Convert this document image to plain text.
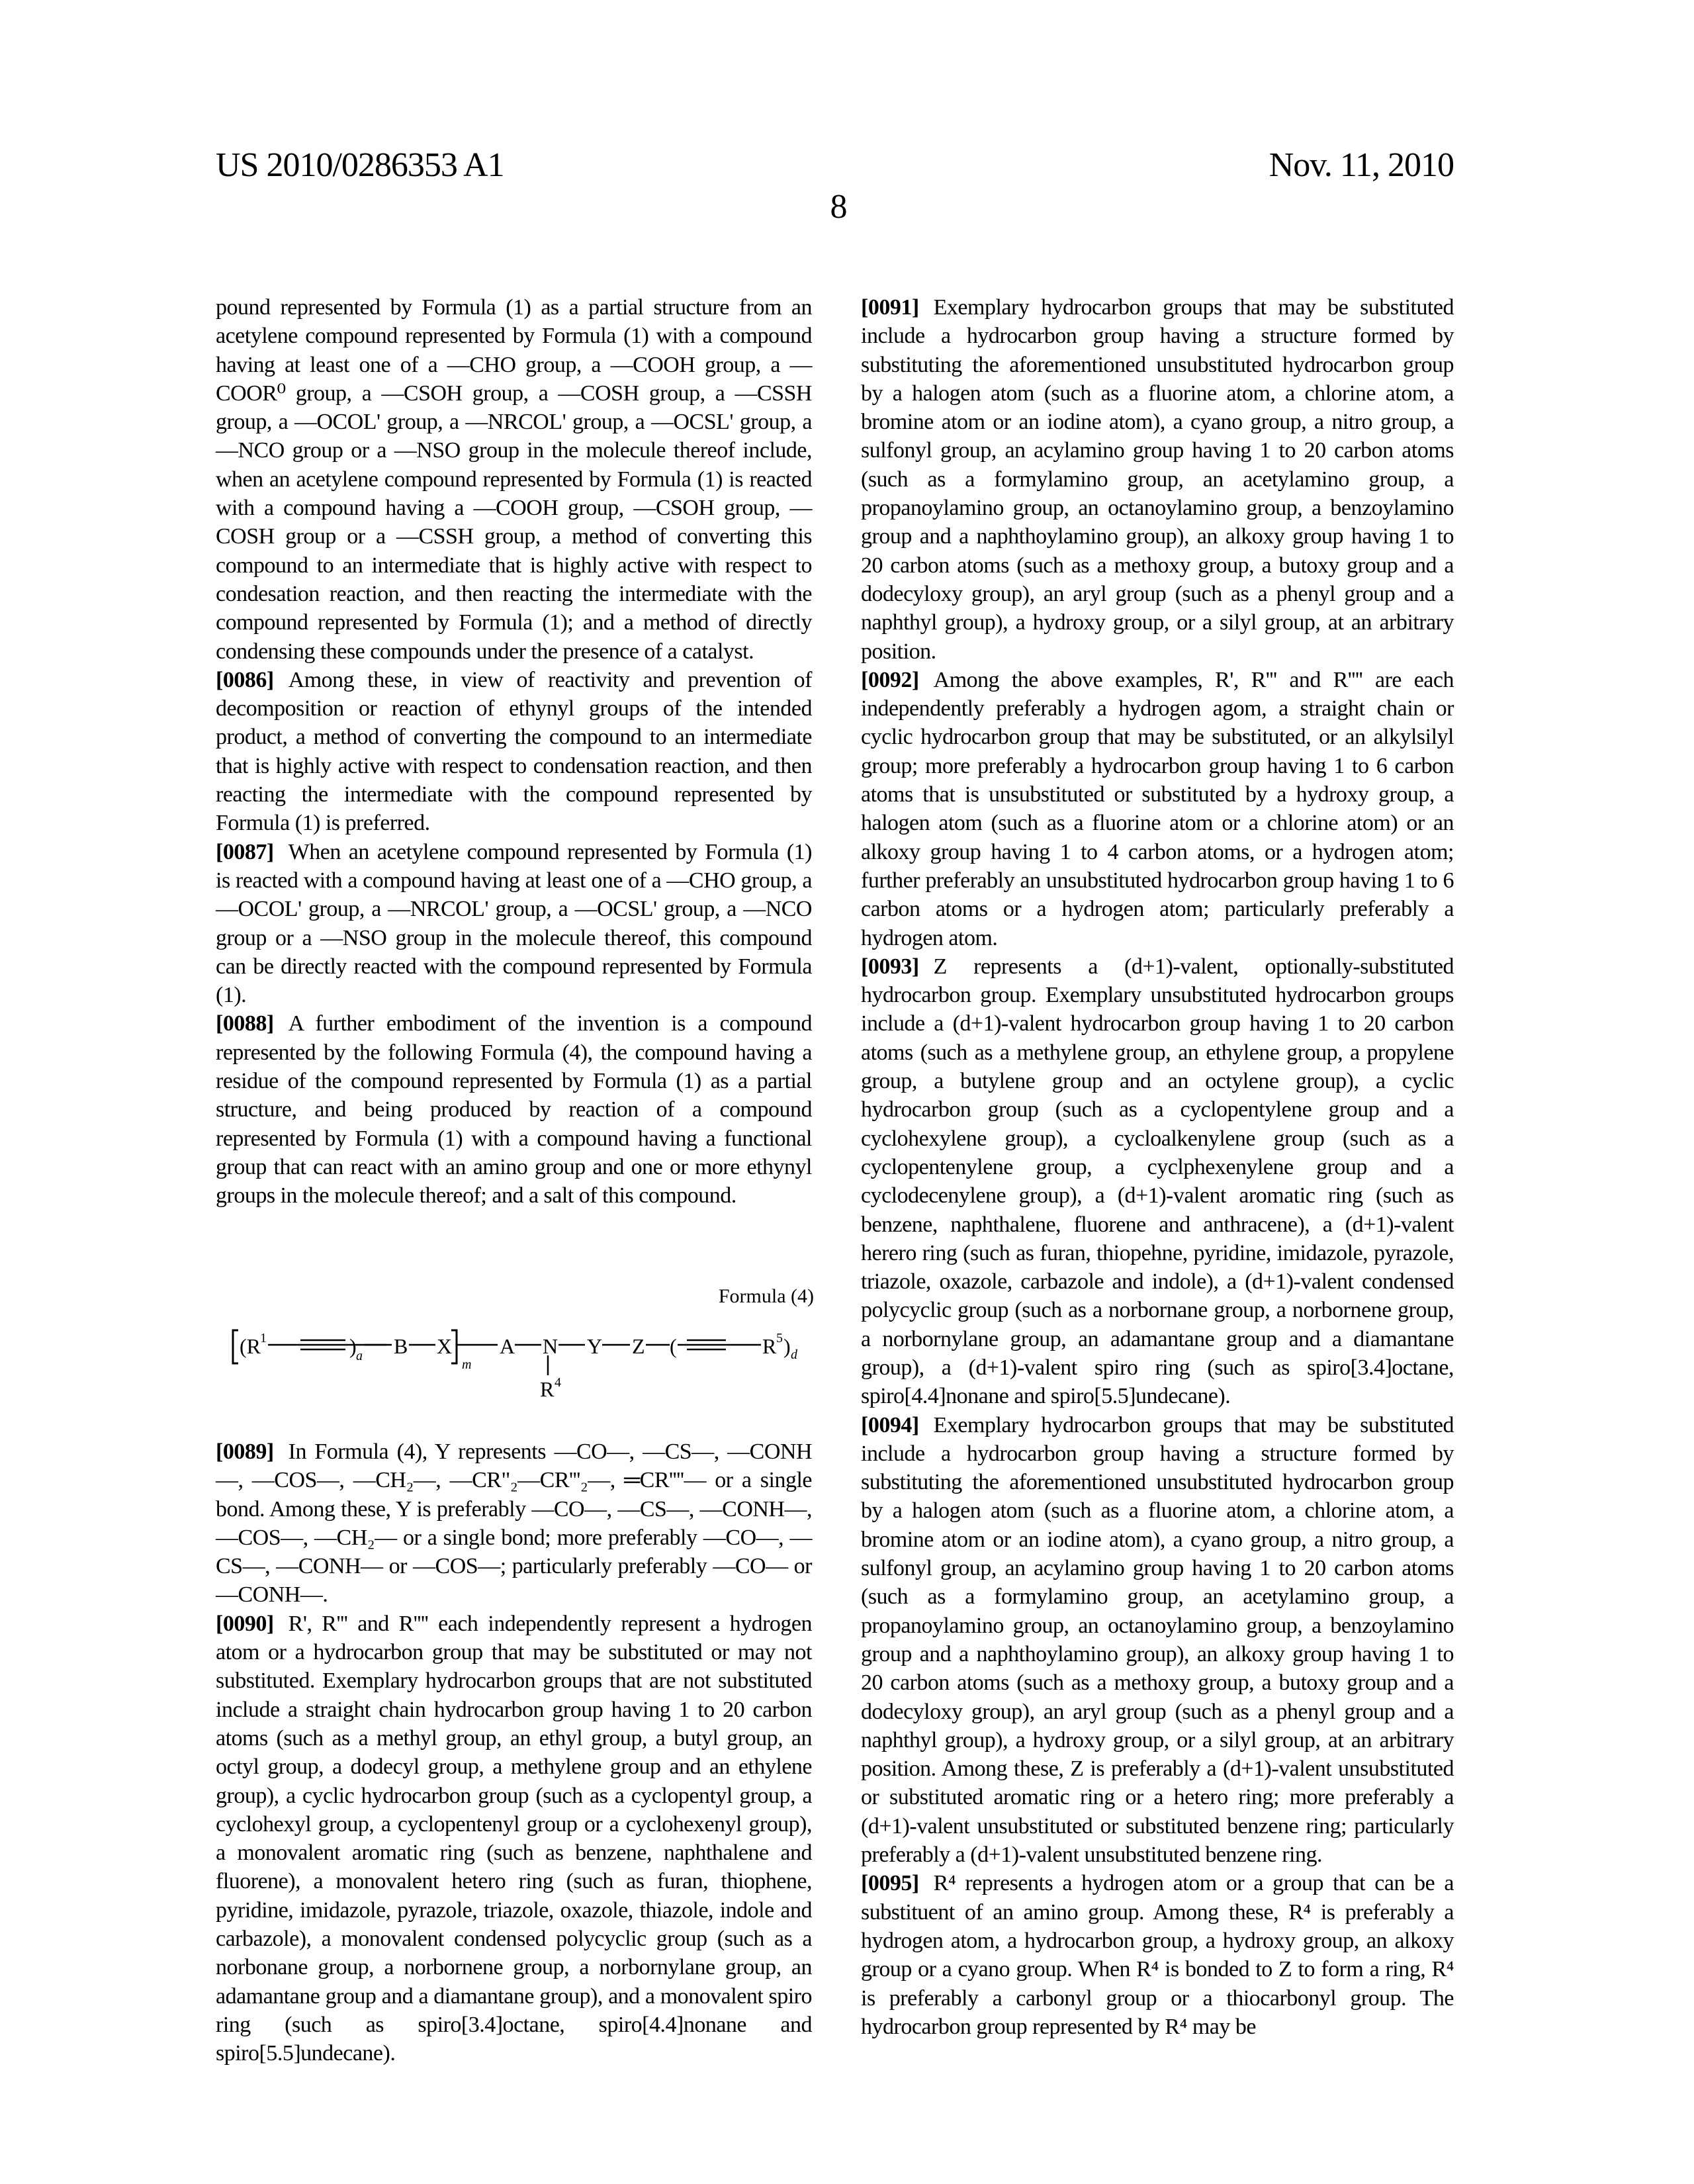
US 2010/0286353 A1	Nov. 11, 2010
8

pound represented by Formula (1) as a partial structure from an acetylene compound represented by Formula (1) with a compound having at least one of a —CHO group, a —COOH group, a —COOR⁰ group, a —CSOH group, a —COSH group, a —CSSH group, a —OCOL' group, a —NRCOL' group, a —OCSL' group, a —NCO group or a —NSO group in the molecule thereof include, when an acetylene compound represented by Formula (1) is reacted with a compound having a —COOH group, —CSOH group, —COSH group or a —CSSH group, a method of converting this compound to an intermediate that is highly active with respect to condesation reaction, and then reacting the intermediate with the compound represented by Formula (1); and a method of directly condensing these compounds under the presence of a catalyst.

[0086] Among these, in view of reactivity and prevention of decomposition or reaction of ethynyl groups of the intended product, a method of converting the compound to an intermediate that is highly active with respect to condensation reaction, and then reacting the intermediate with the compound represented by Formula (1) is preferred.

[0087] When an acetylene compound represented by Formula (1) is reacted with a compound having at least one of a —CHO group, a —OCOL' group, a —NRCOL' group, a —OCSL' group, a —NCO group or a —NSO group in the molecule thereof, this compound can be directly reacted with the compound represented by Formula (1).

[0088] A further embodiment of the invention is a compound represented by the following Formula (4), the compound having a residue of the compound represented by Formula (1) as a partial structure, and being produced by reaction of a compound represented by Formula (1) with a compound having a functional group that can react with an amino group and one or more ethynyl groups in the molecule thereof; and a salt of this compound.

Formula (4)
(R 1	) a B X
m
A N
R 4
Y Z (	R 5 ) d

[0089] In Formula (4), Y represents —CO—, —CS—, —CONH—, —COS—, —CH₂—, —CR"₂—CR'''₂—, ═CR''''— or a single bond. Among these, Y is preferably —CO—, —CS—, —CONH—, —COS—, —CH₂— or a single bond; more preferably —CO—, —CS—, —CONH— or —COS—; particularly preferably —CO— or —CONH—.

[0090] R', R''' and R'''' each independently represent a hydrogen atom or a hydrocarbon group that may be substituted or may not substituted. Exemplary hydrocarbon groups that are not substituted include a straight chain hydrocarbon group having 1 to 20 carbon atoms (such as a methyl group, an ethyl group, a butyl group, an octyl group, a dodecyl group, a methylene group and an ethylene group), a cyclic hydrocarbon group (such as a cyclopentyl group, a cyclohexyl group, a cyclopentenyl group or a cyclohexenyl group), a monovalent aromatic ring (such as benzene, naphthalene and fluorene), a monovalent hetero ring (such as furan, thiophene, pyridine, imidazole, pyrazole, triazole, oxazole, thiazole, indole and carbazole), a monovalent condensed polycyclic group (such as a norbonane group, a norbornene group, a norbornylane group, an adamantane group and a diamantane group), and a monovalent spiro ring (such as spiro[3.4]octane, spiro[4.4]nonane and spiro[5.5]undecane).

[0091] Exemplary hydrocarbon groups that may be substituted include a hydrocarbon group having a structure formed by substituting the aforementioned unsubstituted hydrocarbon group by a halogen atom (such as a fluorine atom, a chlorine atom, a bromine atom or an iodine atom), a cyano group, a nitro group, a sulfonyl group, an acylamino group having 1 to 20 carbon atoms (such as a formylamino group, an acetylamino group, a propanoylamino group, an octanoylamino group, a benzoylamino group and a naphthoylamino group), an alkoxy group having 1 to 20 carbon atoms (such as a methoxy group, a butoxy group and a dodecyloxy group), an aryl group (such as a phenyl group and a naphthyl group), a hydroxy group, or a silyl group, at an arbitrary position.

[0092] Among the above examples, R', R''' and R'''' are each independently preferably a hydrogen agom, a straight chain or cyclic hydrocarbon group that may be substituted, or an alkylsilyl group; more preferably a hydrocarbon group having 1 to 6 carbon atoms that is unsubstituted or substituted by a hydroxy group, a halogen atom (such as a fluorine atom or a chlorine atom) or an alkoxy group having 1 to 4 carbon atoms, or a hydrogen atom; further preferably an unsubstituted hydrocarbon group having 1 to 6 carbon atoms or a hydrogen atom; particularly preferably a hydrogen atom.

[0093] Z represents a (d+1)-valent, optionally-substituted hydrocarbon group. Exemplary unsubstituted hydrocarbon groups include a (d+1)-valent hydrocarbon group having 1 to 20 carbon atoms (such as a methylene group, an ethylene group, a propylene group, a butylene group and an octylene group), a cyclic hydrocarbon group (such as a cyclopentylene group and a cyclohexylene group), a cycloalkenylene group (such as a cyclopentenylene group, a cyclphexenylene group and a cyclodecenylene group), a (d+1)-valent aromatic ring (such as benzene, naphthalene, fluorene and anthracene), a (d+1)-valent herero ring (such as furan, thiopehne, pyridine, imidazole, pyrazole, triazole, oxazole, carbazole and indole), a (d+1)-valent condensed polycyclic group (such as a norbornane group, a norbornene group, a norbornylane group, an adamantane group and a diamantane group), a (d+1)-valent spiro ring (such as spiro[3.4]octane, spiro[4.4]nonane and spiro[5.5]undecane).

[0094] Exemplary hydrocarbon groups that may be substituted include a hydrocarbon group having a structure formed by substituting the aforementioned unsubstituted hydrocarbon group by a halogen atom (such as a fluorine atom, a chlorine atom, a bromine atom or an iodine atom), a cyano group, a nitro group, a sulfonyl group, an acylamino group having 1 to 20 carbon atoms (such as a formylamino group, an acetylamino group, a propanoylamino group, an octanoylamino group, a benzoylamino group and a naphthoylamino group), an alkoxy group having 1 to 20 carbon atoms (such as a methoxy group, a butoxy group and a dodecyloxy group), an aryl group (such as a phenyl group and a naphthyl group), a hydroxy group, or a silyl group, at an arbitrary position. Among these, Z is preferably a (d+1)-valent unsubstituted or substituted aromatic ring or a hetero ring; more preferably a (d+1)-valent unsubstituted or substituted benzene ring; particularly preferably a (d+1)-valent unsubstituted benzene ring.

[0095] R⁴ represents a hydrogen atom or a group that can be a substituent of an amino group. Among these, R⁴ is preferably a hydrogen atom, a hydrocarbon group, a hydroxy group, an alkoxy group or a cyano group. When R⁴ is bonded to Z to form a ring, R⁴ is preferably a carbonyl group or a thiocarbonyl group. The hydrocarbon group represented by R⁴ may be
